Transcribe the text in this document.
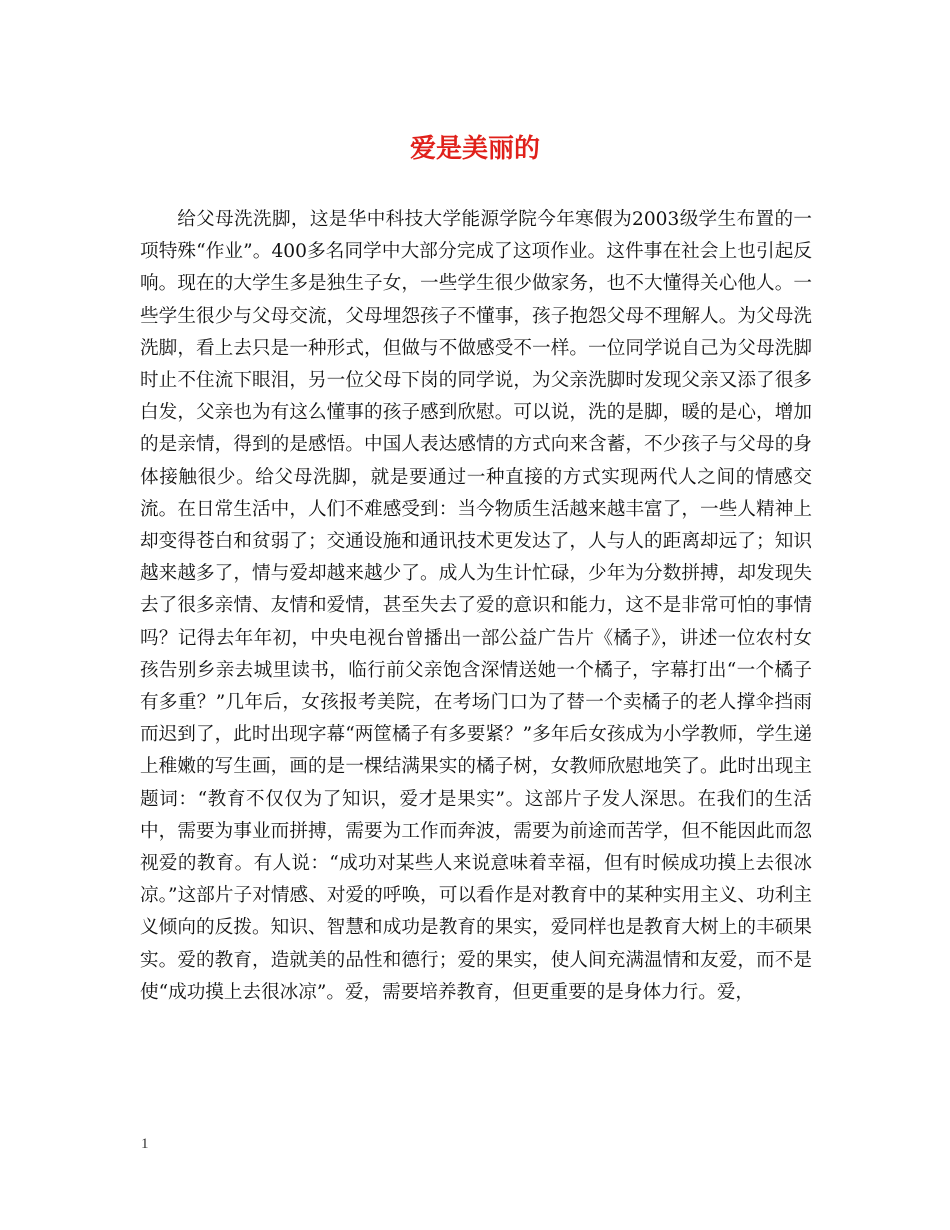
爱是美丽的

给父母洗洗脚，这是华中科技大学能源学院今年寒假为2003级学生布置的一项特殊“作业”。400多名同学中大部分完成了这项作业。这件事在社会上也引起反响。现在的大学生多是独生子女，一些学生很少做家务，也不大懂得关心他人。一些学生很少与父母交流，父母埋怨孩子不懂事，孩子抱怨父母不理解人。为父母洗洗脚，看上去只是一种形式，但做与不做感受不一样。一位同学说自己为父母洗脚时止不住流下眼泪，另一位父母下岗的同学说，为父亲洗脚时发现父亲又添了很多白发，父亲也为有这么懂事的孩子感到欣慰。可以说，洗的是脚，暖的是心，增加的是亲情，得到的是感悟。中国人表达感情的方式向来含蓄，不少孩子与父母的身体接触很少。给父母洗脚，就是要通过一种直接的方式实现两代人之间的情感交流。在日常生活中，人们不难感受到：当今物质生活越来越丰富了，一些人精神上却变得苍白和贫弱了；交通设施和通讯技术更发达了，人与人的距离却远了；知识越来越多了，情与爱却越来越少了。成人为生计忙碌，少年为分数拼搏，却发现失去了很多亲情、友情和爱情，甚至失去了爱的意识和能力，这不是非常可怕的事情吗？记得去年年初，中央电视台曾播出一部公益广告片《橘子》，讲述一位农村女孩告别乡亲去城里读书，临行前父亲饱含深情送她一个橘子，字幕打出“一个橘子有多重？”几年后，女孩报考美院，在考场门口为了替一个卖橘子的老人撑伞挡雨而迟到了，此时出现字幕“两筐橘子有多要紧？”多年后女孩成为小学教师，学生递上稚嫩的写生画，画的是一棵结满果实的橘子树，女教师欣慰地笑了。此时出现主题词：“教育不仅仅为了知识，爱才是果实”。这部片子发人深思。在我们的生活中，需要为事业而拼搏，需要为工作而奔波，需要为前途而苦学，但不能因此而忽视爱的教育。有人说：“成功对某些人来说意味着幸福，但有时候成功摸上去很冰凉。”这部片子对情感、对爱的呼唤，可以看作是对教育中的某种实用主义、功利主义倾向的反拨。知识、智慧和成功是教育的果实，爱同样也是教育大树上的丰硕果实。爱的教育，造就美的品性和德行；爱的果实，使人间充满温情和友爱，而不是使“成功摸上去很冰凉”。爱，需要培养教育，但更重要的是身体力行。爱，

1
